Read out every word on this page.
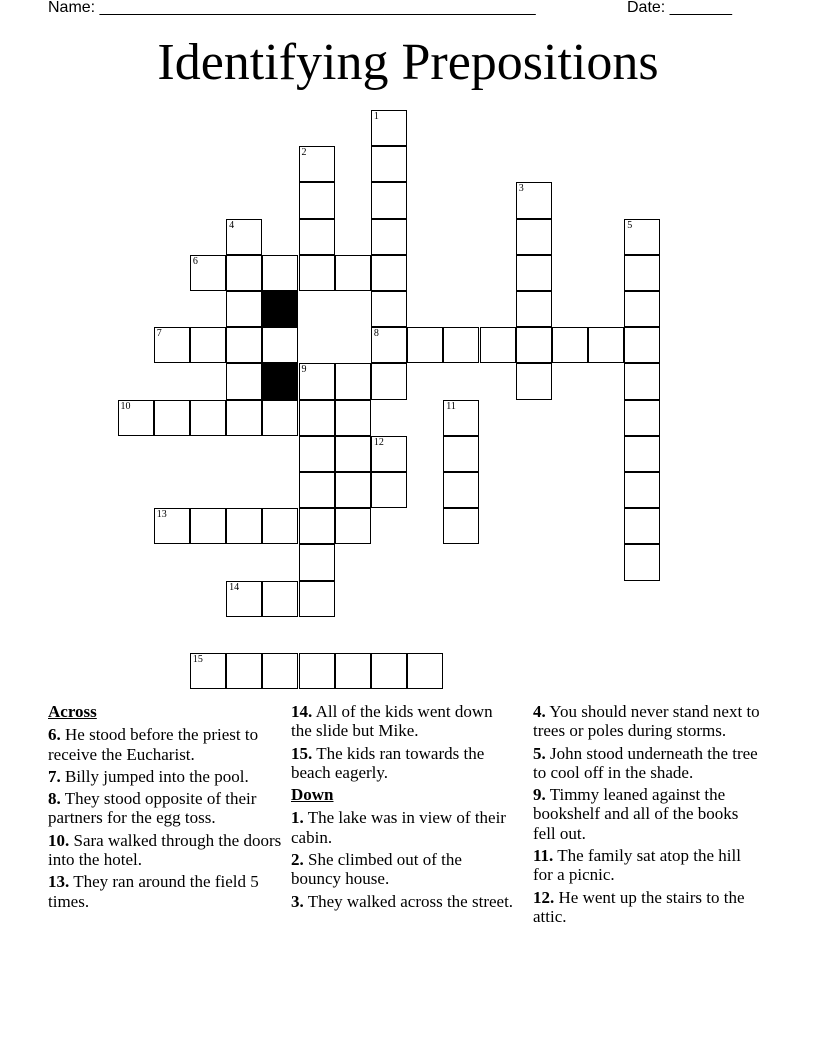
Name: _________________________________________________	Date: _______
Identifying Prepositions
1
8
2
3
4	5
6
7
9
10	11
12
13
14
15
Across
6. He stood before the priest to receive the Eucharist.
7. Billy jumped into the pool.
8. They stood opposite of their partners for the egg toss.
10. Sara walked through the doors into the hotel.
13. They ran around the field 5 times.
14. All of the kids went down the slide but Mike.
15. The kids ran towards the beach eagerly.
Down
1. The lake was in view of their cabin.
2. She climbed out of the bouncy house.
3. They walked across the street.
4. You should never stand next to trees or poles during storms.
5. John stood underneath the tree to cool off in the shade.
9. Timmy leaned against the bookshelf and all of the books fell out.
11. The family sat atop the hill for a picnic.
12. He went up the stairs to the attic.
